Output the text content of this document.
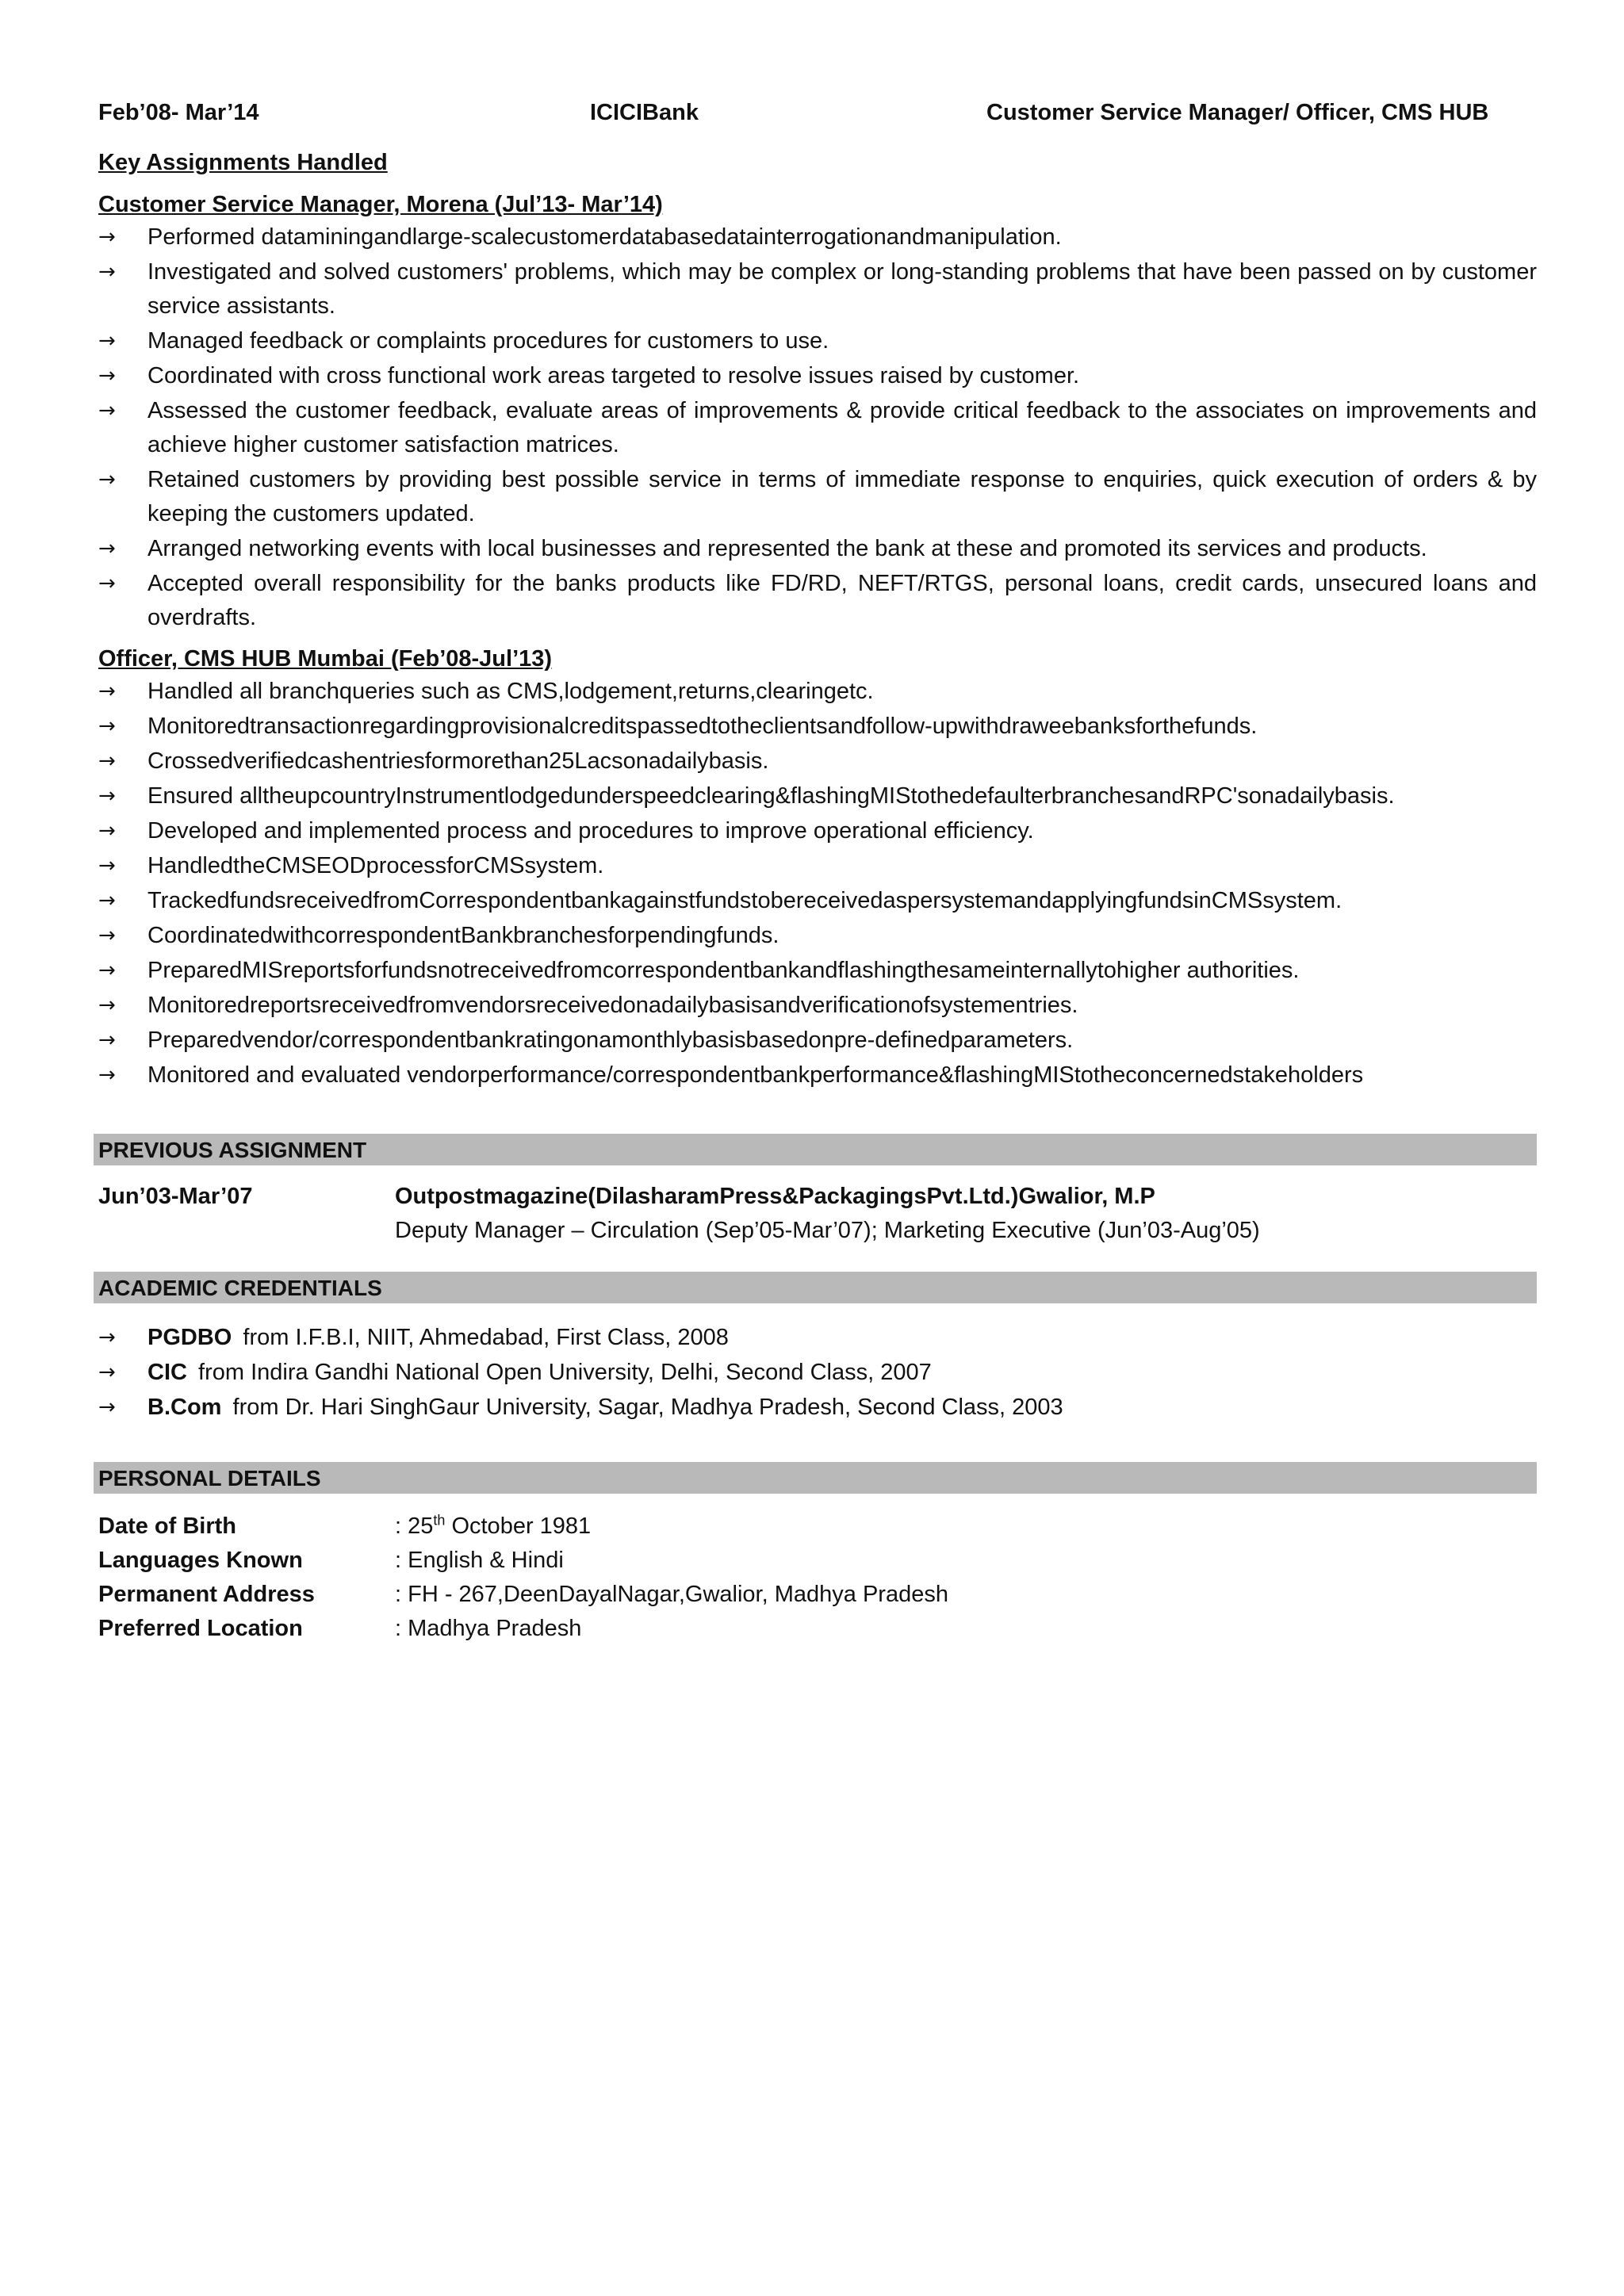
Feb’08- Mar’14	ICICIBank	Customer Service Manager/ Officer, CMS HUB
Key Assignments Handled
Customer Service Manager, Morena (Jul’13- Mar’14)
→	Performed dataminingandlarge-scalecustomerdatabasedatainterrogationandmanipulation.
→	Investigated and solved customers' problems, which may be complex or long-standing problems that have been passed on by customer service assistants.
→	Managed feedback or complaints procedures for customers to use.
→	Coordinated with cross functional work areas targeted to resolve issues raised by customer.
→	Assessed the customer feedback, evaluate areas of improvements & provide critical feedback to the associates on improvements and achieve higher customer satisfaction matrices.
→	Retained customers by providing best possible service in terms of immediate response to enquiries, quick execution of orders & by keeping the customers updated.
→	Arranged networking events with local businesses and represented the bank at these and promoted its services and products.
→	Accepted overall responsibility for the banks products like FD/RD, NEFT/RTGS, personal loans, credit cards, unsecured loans and overdrafts.
Officer, CMS HUB Mumbai (Feb’08-Jul’13)
→	Handled all branchqueries such as CMS,lodgement,returns,clearingetc.
→	Monitoredtransactionregardingprovisionalcreditspassedtotheclientsandfollow-upwithdraweebanksforthefunds.
→	Crossedverifiedcashentriesformorethan25Lacsonadailybasis.
→	Ensured alltheupcountryInstrumentlodgedunderspeedclearing&flashingMIStothedefaulterbranchesandRPC'sonadailybasis.
→	Developed and implemented process and procedures to improve operational efficiency.
→	HandledtheCMSEODprocessforCMSsystem.
→	TrackedfundsreceivedfromCorrespondentbankagainstfundstobereceivedaspersystemandapplyingfundsinCMSsystem.
→	CoordinatedwithcorrespondentBankbranchesforpendingfunds.
→	PreparedMISreportsforfundsnotreceivedfromcorrespondentbankandflashingthesameinternallytohigher authorities.
→	Monitoredreportsreceivedfromvendorsreceivedonadailybasisandverificationofsystementries.
→	Preparedvendor/correspondentbankratingonamonthlybasisbasedonpre-definedparameters.
→	Monitored and evaluated vendorperformance/correspondentbankperformance&flashingMIStotheconcernedstakeholders
PREVIOUS ASSIGNMENT
Jun’03-Mar’07	Outpostmagazine(DilasharamPress&PackagingsPvt.Ltd.)Gwalior, M.P
Deputy Manager – Circulation (Sep’05-Mar’07); Marketing Executive (Jun’03-Aug’05)
ACADEMIC CREDENTIALS
→	PGDBO from I.F.B.I, NIIT, Ahmedabad, First Class, 2008
→	CIC from Indira Gandhi National Open University, Delhi, Second Class, 2007
→	B.Com from Dr. Hari SinghGaur University, Sagar, Madhya Pradesh, Second Class, 2003
PERSONAL DETAILS
Date of Birth	: 25th October 1981
Languages Known	: English & Hindi
Permanent Address	: FH - 267,DeenDayalNagar,Gwalior, Madhya Pradesh
Preferred Location	: Madhya Pradesh
